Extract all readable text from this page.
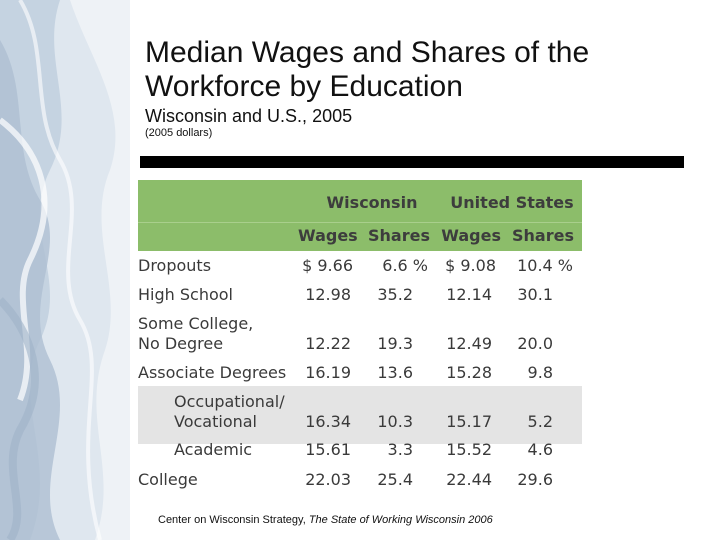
Median Wages and Shares of the Workforce by Education
Wisconsin and U.S., 2005
(2005 dollars)
Wisconsin	United States
Wages Shares Wages Shares
Dropouts	$ 9.66	6.6 %	$ 9.08	10.4 %
High School	12.98	35.2	12.14	30.1
Some College,
No Degree	12.22	19.3	12.49	20.0
Associate Degrees	16.19	13.6	15.28	9.8
Occupational/
Vocational	16.34	10.3	15.17	5.2
Academic	15.61	3.3	15.52	4.6
College	22.03	25.4	22.44	29.6
Center on Wisconsin Strategy, The State of Working Wisconsin 2006
